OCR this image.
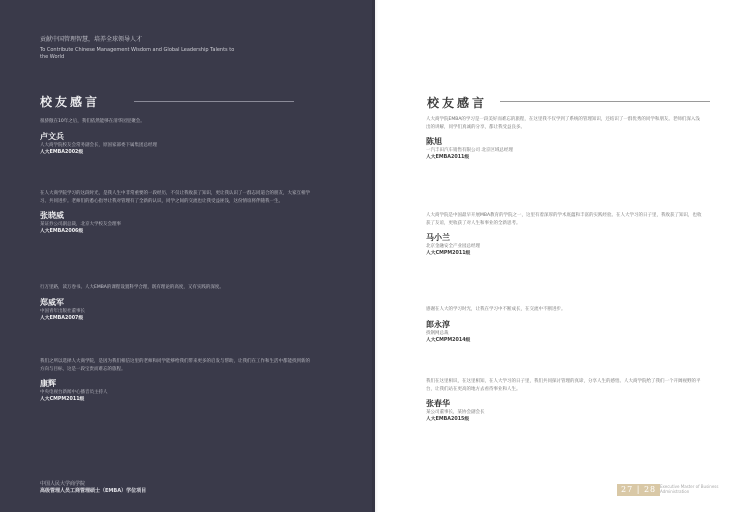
贡献中国管理智慧，培养全球领导人才
To Contribute Chinese Management Wisdom and Global Leadership Talents to the World
校友感言

很骄傲在10年之后，我们依然能够在清华园里聚会。

卢文兵
人大商学院校友会常务副会长，原国家部委下属集团总经理
人大EMBA2002级

在人大商学院学习的这段时光，是我人生中非常重要的一段经历，不仅让我收获了知识，更让我认识了一群志同道合的朋友，大家互相学习、共同进步。老师们的悉心指导让我对管理有了全新的认识，同学之间的交流也让我受益匪浅，这份情谊将伴随我一生。

张晓威
某证券公司副总裁，北京大学校友会理事
人大EMBA2006级

行万里路，读万卷书。人大EMBA的课程设置科学合理，既有理论的高度，又有实践的深度。

郑威军
中国青年出版社董事长
人大EMBA2007级

我们之所以选择人大商学院，是因为我们相信这里的老师和同学能够给我们带来更多的启发与帮助，让我们在工作和生活中都能找到新的方向与目标，这是一段宝贵而难忘的旅程。

康辉
中央电视台新闻中心播音员主持人
人大CMPM2011级
中国人民大学商学院
高级管理人员工商管理硕士（EMBA）学位项目
校友感言

人大商学院EMBA的学习是一段美好而难忘的旅程，在这里我不仅学到了系统的管理知识，还结识了一群优秀的同学和朋友。老师们深入浅出的讲解，同学们真诚的分享，都让我受益良多。

陈旭
一汽丰田汽车销售有限公司 北京区域总经理
人大EMBA2011级

人大商学院是中国最早开展MBA教育的学院之一，这里有着深厚的学术底蕴和丰富的实践经验。在人大学习的日子里，我收获了知识，也收获了友谊，更收获了对人生和事业的全新思考。

马小兰
北京金融安全产业园总经理
人大CMPM2011级

感谢在人大的学习时光，让我在学习中不断成长，在交流中不断进步。

郎永淳
找钢网总裁
人大CMPM2014级

我们在这里相识，在这里相知，在人大学习的日子里，我们共同探讨管理的真谛，分享人生的感悟。人大商学院给了我们一个开阔视野的平台，让我们站在更高的地方去看待事业和人生。

张春华
某公司董事长，某协会副会长
人大EMBA2015级
27 | 28 Executive Master of Business Administration
